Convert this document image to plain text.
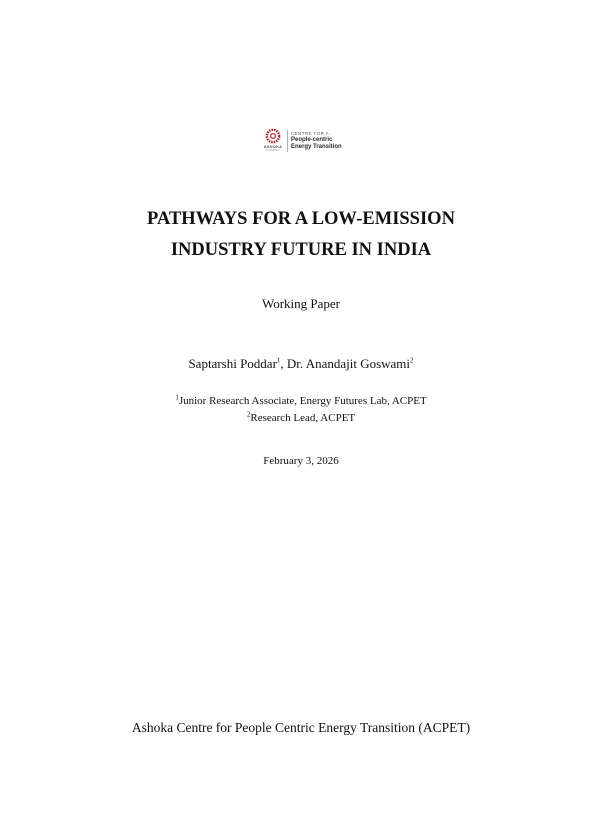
ASHOKA
UNIVERSITY
CENTRE FOR A
People-centric
Energy Transition
PATHWAYS FOR A LOW-EMISSION
INDUSTRY FUTURE IN INDIA
Working Paper
Saptarshi Poddar$^1$, Dr. Anandajit Goswami$^2$
$^1$Junior Research Associate, Energy Futures Lab, ACPET
$^2$Research Lead, ACPET
February 3, 2026
Ashoka Centre for People Centric Energy Transition (ACPET)
